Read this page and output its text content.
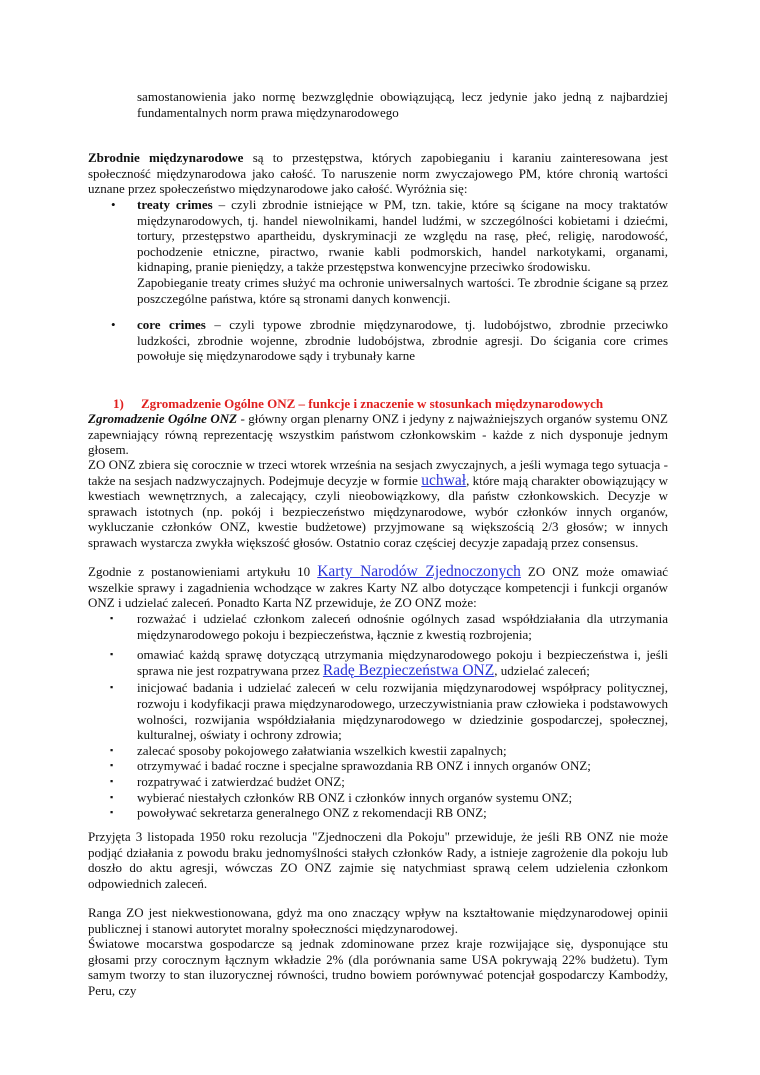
samostanowienia jako normę bezwzględnie obowiązującą, lecz jedynie jako jedną z najbardziej fundamentalnych norm prawa międzynarodowego

Zbrodnie międzynarodowe są to przestępstwa, których zapobieganiu i karaniu zainteresowana jest społeczność międzynarodowa jako całość. To naruszenie norm zwyczajowego PM, które chronią wartości uznane przez społeczeństwo międzynarodowe jako całość. Wyróżnia się:

• treaty crimes – czyli zbrodnie istniejące w PM, tzn. takie, które są ścigane na mocy traktatów międzynarodowych, tj. handel niewolnikami, handel ludźmi, w szczególności kobietami i dziećmi, tortury, przestępstwo apartheidu, dyskryminacji ze względu na rasę, płeć, religię, narodowość, pochodzenie etniczne, piractwo, rwanie kabli podmorskich, handel narkotykami, organami, kidnaping, pranie pieniędzy, a także przestępstwa konwencyjne przeciwko środowisku.

Zapobieganie treaty crimes służyć ma ochronie uniwersalnych wartości. Te zbrodnie ścigane są przez poszczególne państwa, które są stronami danych konwencji.

• core crimes – czyli typowe zbrodnie międzynarodowe, tj. ludobójstwo, zbrodnie przeciwko ludzkości, zbrodnie wojenne, zbrodnie ludobójstwa, zbrodnie agresji. Do ścigania core crimes powołuje się międzynarodowe sądy i trybunały karne
1) Zgromadzenie Ogólne ONZ – funkcje i znaczenie w stosunkach międzynarodowych

Zgromadzenie Ogólne ONZ - główny organ plenarny ONZ i jedyny z najważniejszych organów systemu ONZ zapewniający równą reprezentację wszystkim państwom członkowskim - każde z nich dysponuje jednym głosem.

ZO ONZ zbiera się corocznie w trzeci wtorek września na sesjach zwyczajnych, a jeśli wymaga tego sytuacja - także na sesjach nadzwyczajnych. Podejmuje decyzje w formie uchwał, które mają charakter obowiązujący w kwestiach wewnętrznych, a zalecający, czyli nieobowiązkowy, dla państw członkowskich. Decyzje w sprawach istotnych (np. pokój i bezpieczeństwo międzynarodowe, wybór członków innych organów, wykluczanie członków ONZ, kwestie budżetowe) przyjmowane są większością 2/3 głosów; w innych sprawach wystarcza zwykła większość głosów. Ostatnio coraz częściej decyzje zapadają przez consensus.

Zgodnie z postanowieniami artykułu 10 Karty Narodów Zjednoczonych ZO ONZ może omawiać wszelkie sprawy i zagadnienia wchodzące w zakres Karty NZ albo dotyczące kompetencji i funkcji organów ONZ i udzielać zaleceń. Ponadto Karta NZ przewiduje, że ZO ONZ może:

▪ rozważać i udzielać członkom zaleceń odnośnie ogólnych zasad współdziałania dla utrzymania międzynarodowego pokoju i bezpieczeństwa, łącznie z kwestią rozbrojenia;
▪ omawiać każdą sprawę dotyczącą utrzymania międzynarodowego pokoju i bezpieczeństwa i, jeśli sprawa nie jest rozpatrywana przez Radę Bezpieczeństwa ONZ, udzielać zaleceń;
▪ inicjować badania i udzielać zaleceń w celu rozwijania międzynarodowej współpracy politycznej, rozwoju i kodyfikacji prawa międzynarodowego, urzeczywistniania praw człowieka i podstawowych wolności, rozwijania współdziałania międzynarodowego w dziedzinie gospodarczej, społecznej, kulturalnej, oświaty i ochrony zdrowia;
▪ zalecać sposoby pokojowego załatwiania wszelkich kwestii zapalnych;
▪ otrzymywać i badać roczne i specjalne sprawozdania RB ONZ i innych organów ONZ;
▪ rozpatrywać i zatwierdzać budżet ONZ;
▪ wybierać niestałych członków RB ONZ i członków innych organów systemu ONZ;
▪ powoływać sekretarza generalnego ONZ z rekomendacji RB ONZ;

Przyjęta 3 listopada 1950 roku rezolucja "Zjednoczeni dla Pokoju" przewiduje, że jeśli RB ONZ nie może podjąć działania z powodu braku jednomyślności stałych członków Rady, a istnieje zagrożenie dla pokoju lub doszło do aktu agresji, wówczas ZO ONZ zajmie się natychmiast sprawą celem udzielenia członkom odpowiednich zaleceń.

Ranga ZO jest niekwestionowana, gdyż ma ono znaczący wpływ na kształtowanie międzynarodowej opinii publicznej i stanowi autorytet moralny społeczności międzynarodowej.

Światowe mocarstwa gospodarcze są jednak zdominowane przez kraje rozwijające się, dysponujące stu głosami przy corocznym łącznym wkładzie 2% (dla porównania same USA pokrywają 22% budżetu). Tym samym tworzy to stan iluzorycznej równości, trudno bowiem porównywać potencjał gospodarczy Kambodży, Peru, czy
